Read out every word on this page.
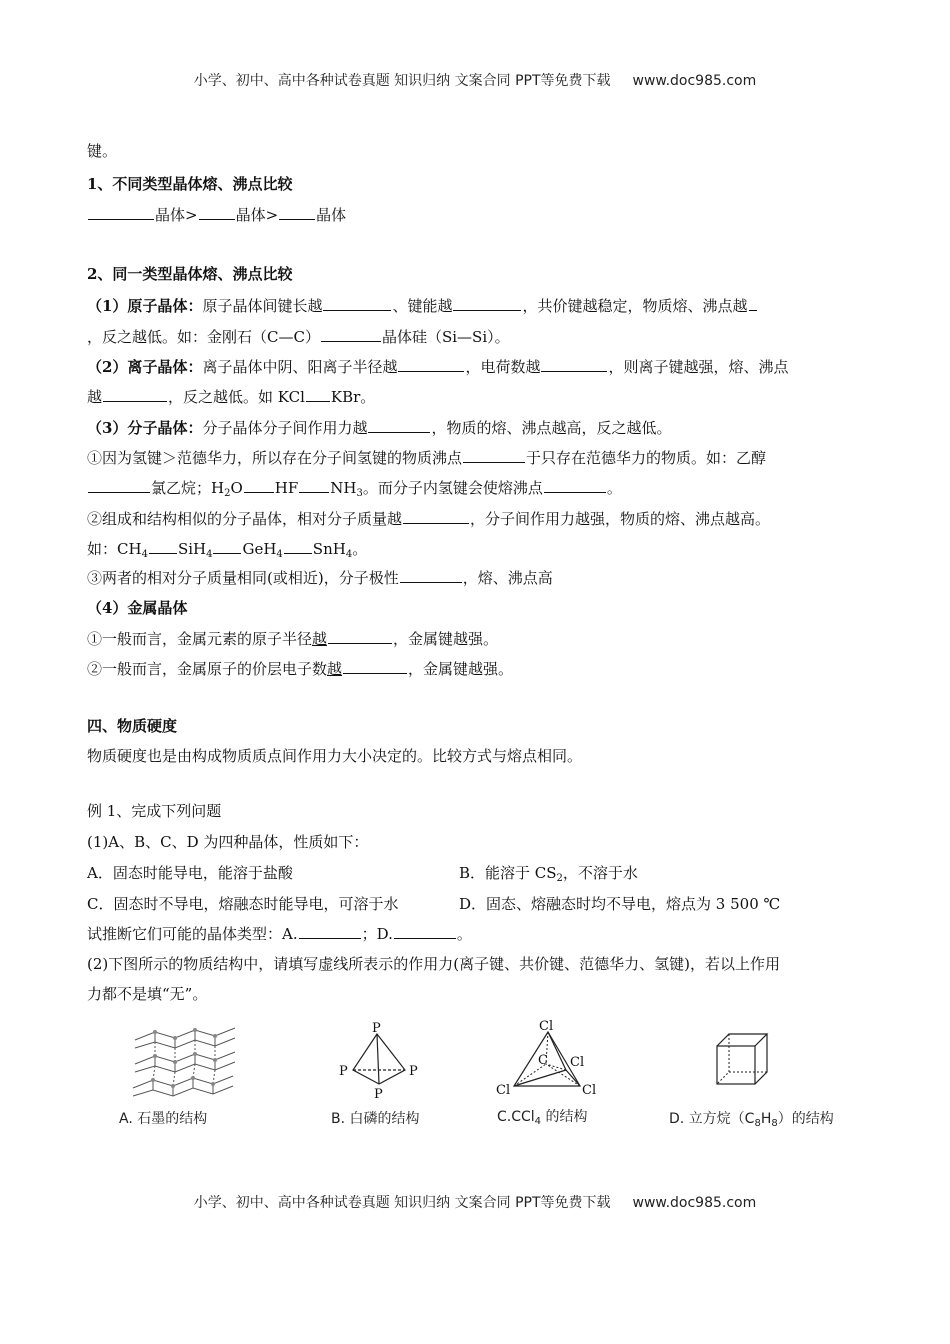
小学、初中、高中各种试卷真题 知识归纳 文案合同 PPT等免费下载 www.doc985.com
键。
1、不同类型晶体熔、沸点比较
晶体>	晶体>	晶体
2、同一类型晶体熔、沸点比较
（1）原子晶体：原子晶体间键长越	、键能越	，共价键越稳定，物质熔、沸点越
，反之越低。如：金刚石（C—C）	晶体硅（Si—Si）。
（2）离子晶体：离子晶体中阴、阳离子半径越	，电荷数越	，则离子键越强，熔、沸点
越	，反之越低。如 KCl KBr。
（3）分子晶体：分子晶体分子间作用力越	，物质的熔、沸点越高，反之越低。
①因为氢键＞范德华力，所以存在分子间氢键的物质沸点	于只存在范德华力的物质。如：乙醇
氯乙烷；$H_2O$ HF $NH_3$。而分子内氢键会使熔沸点	。
②组成和结构相似的分子晶体，相对分子质量越	，分子间作用力越强，物质的熔、沸点越高。
如：$CH_4$ SiH$_4$ GeH$_4$ SnH$_4$。
③两者的相对分子质量相同(或相近)，分子极性	，熔、沸点高
（4）金属晶体
①一般而言，金属元素的原子半径越	，金属键越强。
②一般而言，金属原子的价层电子数越	，金属键越强。
四、物质硬度
物质硬度也是由构成物质质点间作用力大小决定的。比较方式与熔点相同。
例 1、完成下列问题
(1)A、B、C、D 为四种晶体，性质如下：
A．固态时能导电，能溶于盐酸	B．能溶于 $CS_2$，不溶于水
C．固态时不导电，熔融态时能导电，可溶于水	D．固态、熔融态时均不导电，熔点为 3 500 ℃
试推断它们可能的晶体类型：A.	；D.	。
(2)下图所示的物质结构中，请填写虚线所表示的作用力(离子键、共价键、范德华力、氢键)，若以上作用
力都不是填“无”。
A. 石墨的结构
P
P	P
P
B. 白磷的结构
Cl
C Cl
Cl	Cl
C.CCl$_4$ 的结构	D. 立方烷$(C_8H_8)$的结构
小学、初中、高中各种试卷真题 知识归纳 文案合同 PPT等免费下载 www.doc985.com
